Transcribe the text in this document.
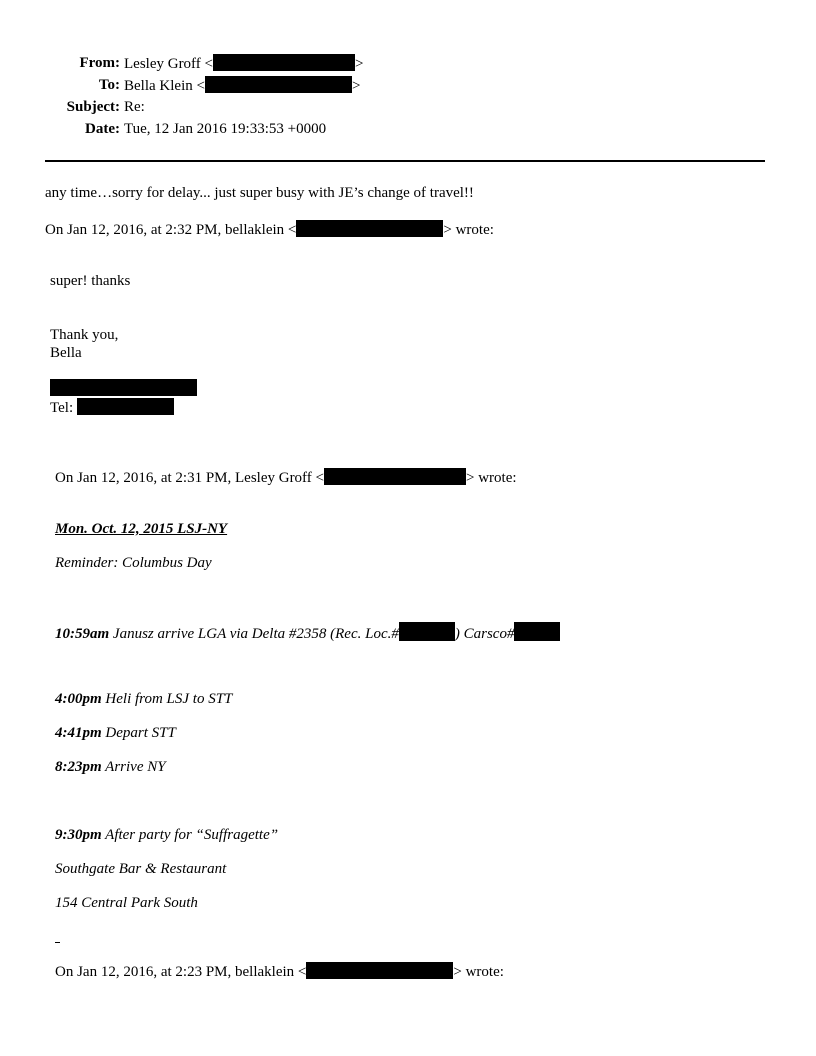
From: Lesley Groff <	>
To: Bella Klein <	>
Subject: Re:
Date: Tue, 12 Jan 2016 19:33:53 +0000
any time…sorry for delay... just super busy with JE’s change of travel!!
On Jan 12, 2016, at 2:32 PM, bellaklein <	> wrote:
super! thanks
Thank you,
Bella
Tel:
On Jan 12, 2016, at 2:31 PM, Lesley Groff <	> wrote:
Mon. Oct. 12, 2015 LSJ-NY
Reminder: Columbus Day
10:59am Janusz arrive LGA via Delta #2358 (Rec. Loc.#	) Carsco#
4:00pm Heli from LSJ to STT
4:41pm Depart STT
8:23pm Arrive NY
9:30pm After party for “Suffragette”
Southgate Bar & Restaurant
154 Central Park South
On Jan 12, 2016, at 2:23 PM, bellaklein <	> wrote:
